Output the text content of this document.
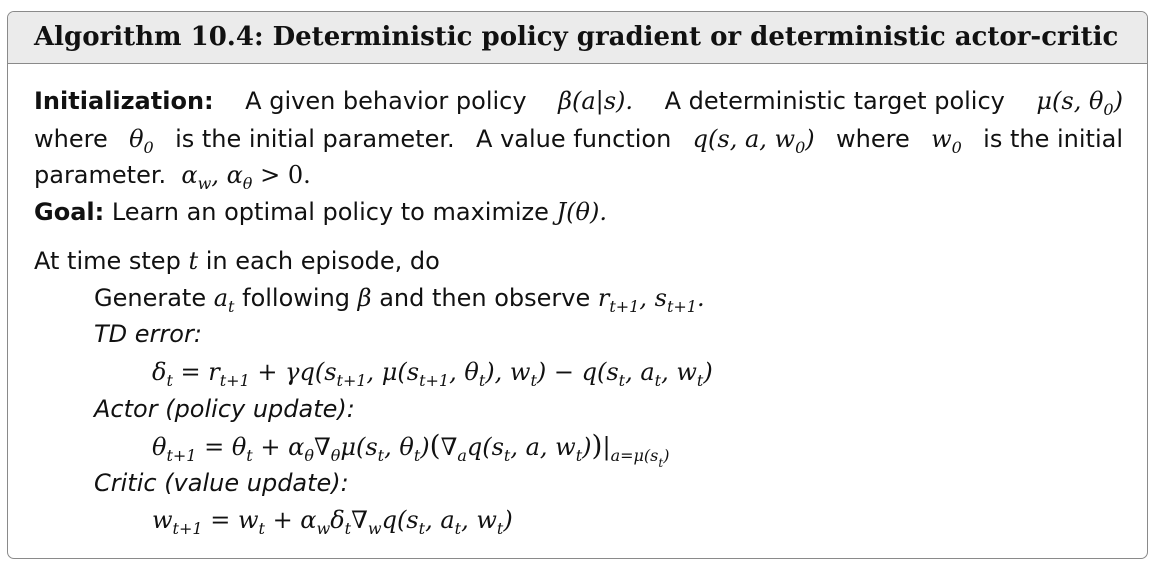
Algorithm 10.4: Deterministic policy gradient or deterministic actor-critic
Initialization: A given behavior policy β(a|s). A deterministic target policy μ(s, $\theta_0$)
where $\theta_0$ is the initial parameter. A value function q(s, a, $w_0$) where $w_0$ is the initial
parameter.  $\alpha_w$, $\alpha_\theta > 0$.
Goal: Learn an optimal policy to maximize J(θ).
At time step t in each episode, do
Generate $a_t$ following β and then observe $r_{t+1}$, $s_{t+1}$.
TD error:
$\delta_t = r_{t+1} + \gamma q(s_{t+1}$, $\mu(s_{t+1}$, $\theta_t$), $w_t) - q(s_t$, $a_t$, $w_t$)
Actor (policy update):
$\theta_{t+1} = \theta_t + \alpha_\theta\nabla_\theta\mu(s_t$, $\theta_t)(\nabla_aq(s_t$, a, $w_t))|_{a=\mu(s_t)}$
Critic (value update):
$w_{t+1} = w_t + \alpha_w\delta_t\nabla_wq(s_t$, $a_t$, $w_t$)
